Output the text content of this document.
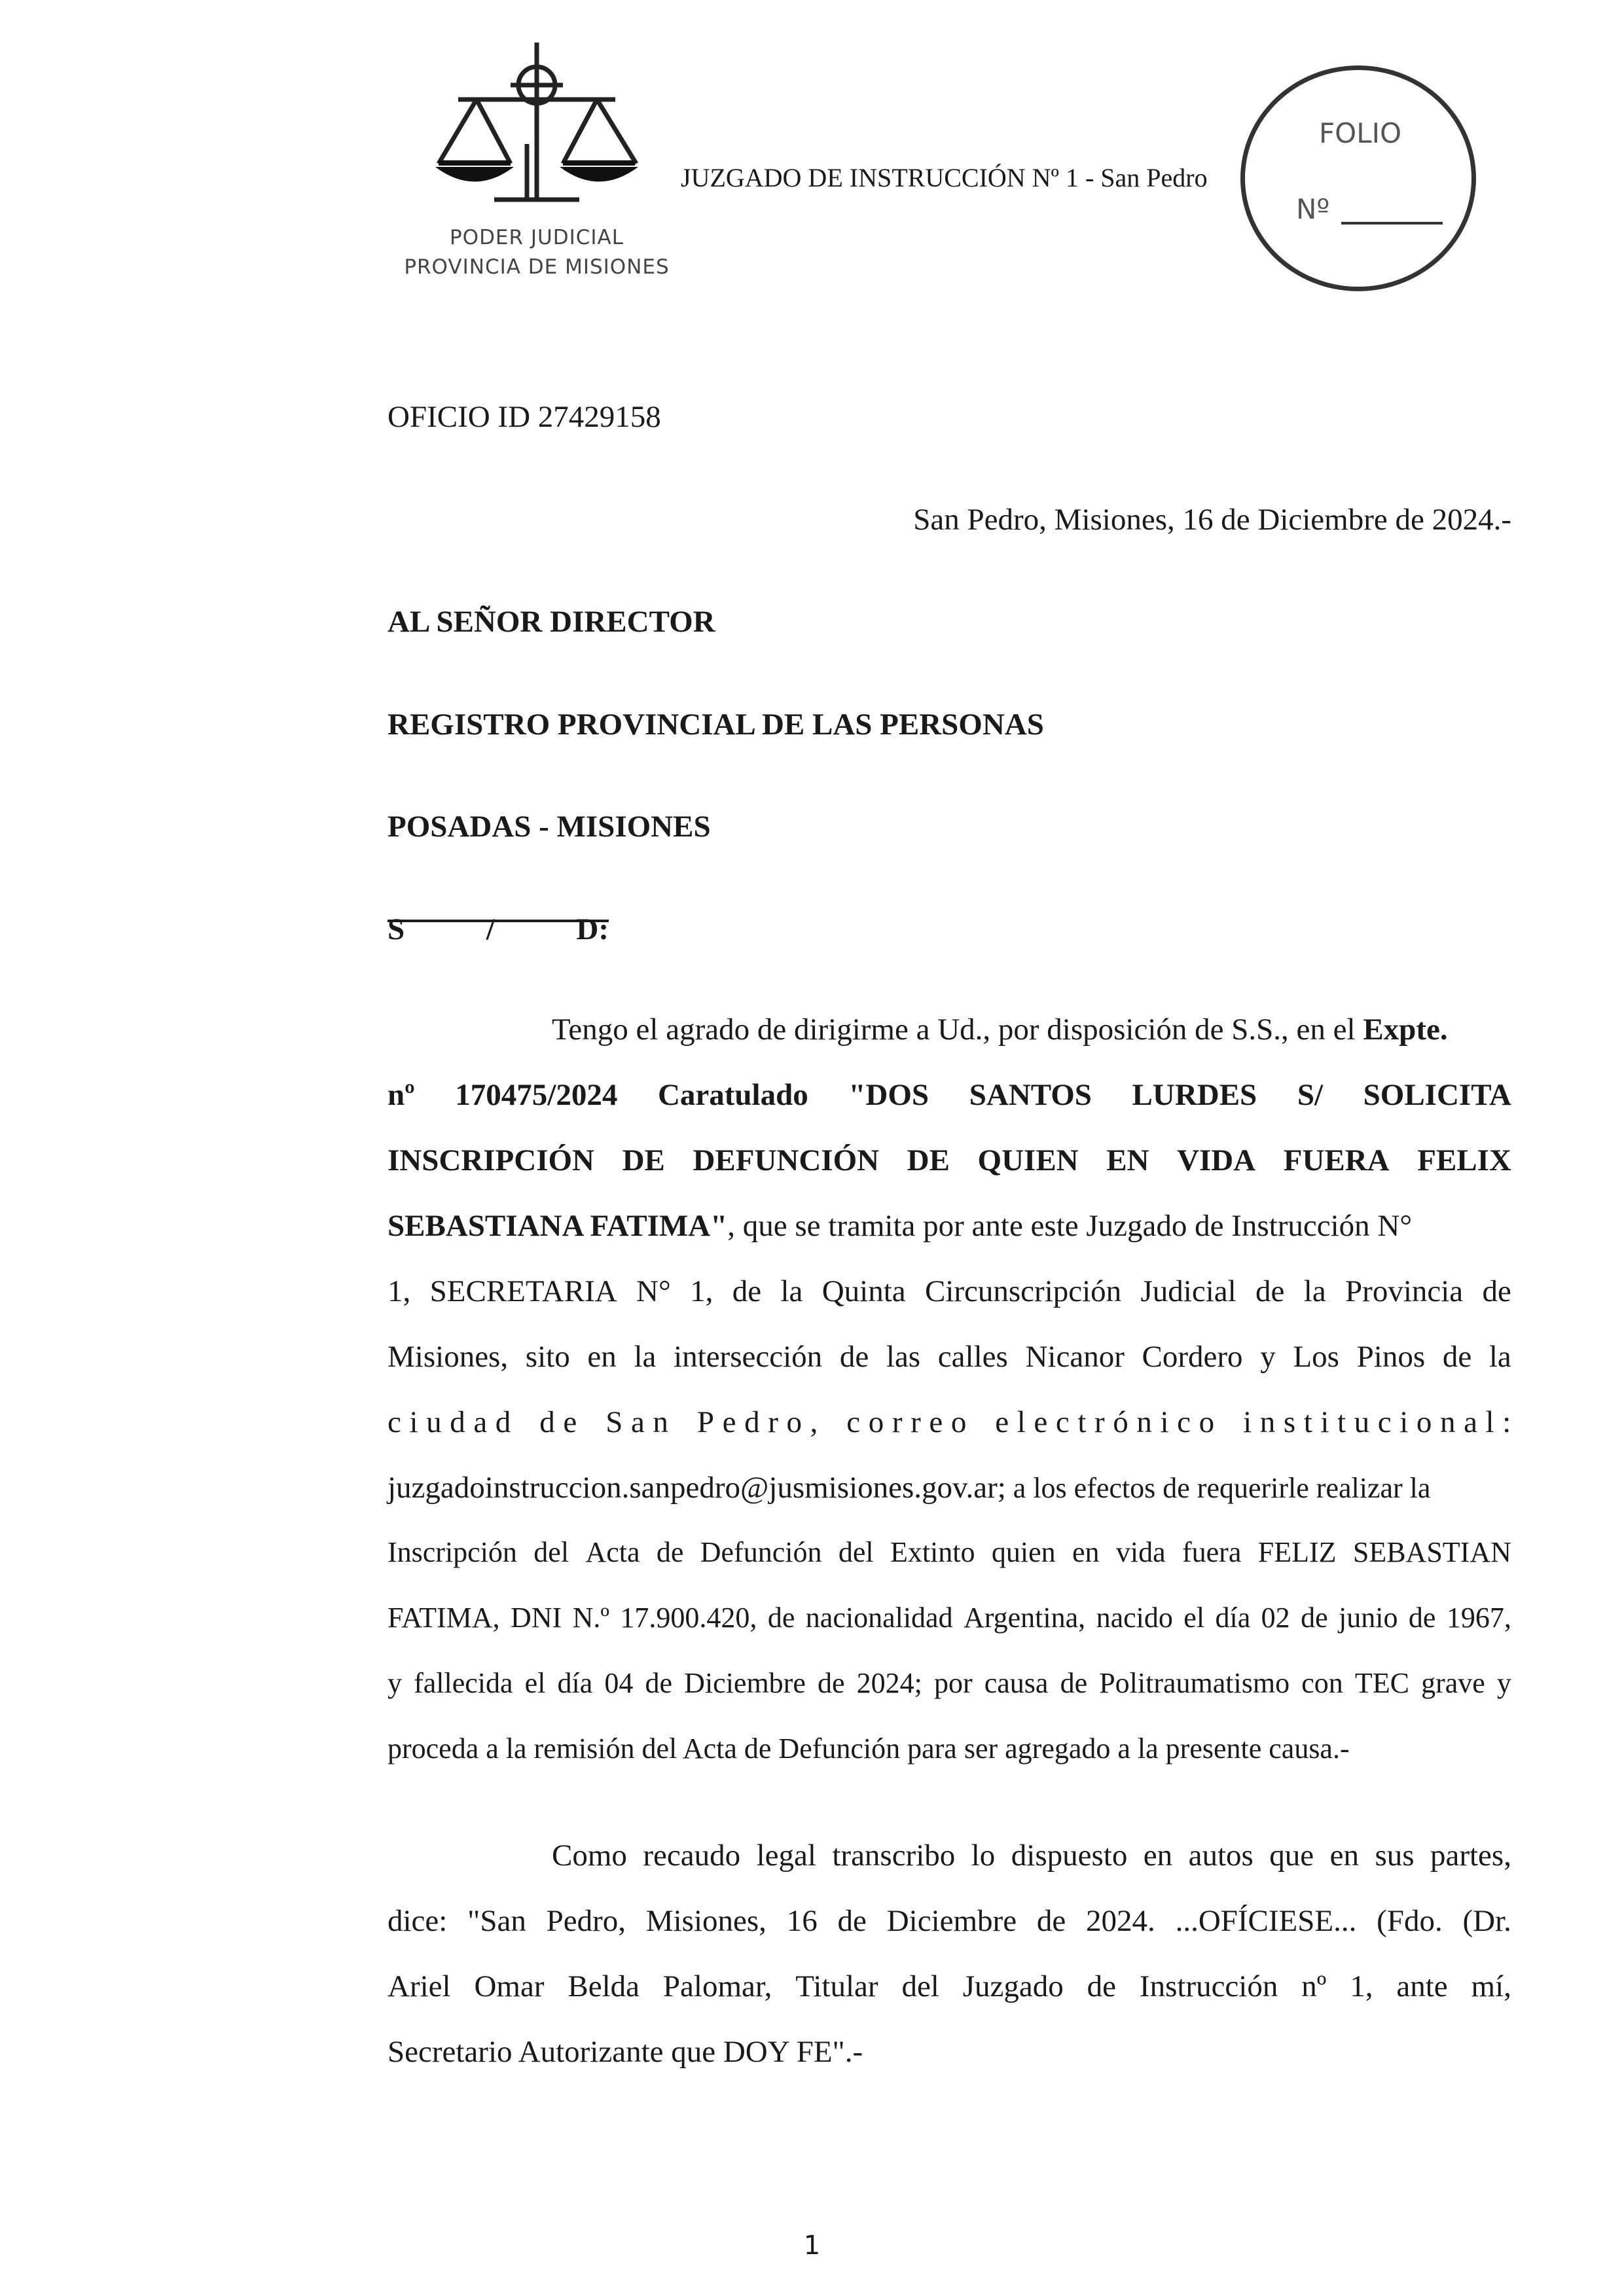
PODER JUDICIAL
PROVINCIA DE MISIONES
JUZGADO DE INSTRUCCIÓN Nº 1 - San Pedro
FOLIO
Nº
OFICIO ID 27429158
San Pedro, Misiones, 16 de Diciembre de 2024.-
AL SEÑOR DIRECTOR
REGISTRO PROVINCIAL DE LAS PERSONAS
POSADAS - MISIONES
S	/	D:
Tengo el agrado de dirigirme a Ud., por disposición de S.S., en el Expte.
nº 170475/2024 Caratulado "DOS SANTOS LURDES S/ SOLICITA
INSCRIPCIÓN DE DEFUNCIÓN DE QUIEN EN VIDA FUERA FELIX
SEBASTIANA FATIMA", que se tramita por ante este Juzgado de Instrucción N°
1, SECRETARIA N° 1, de la Quinta Circunscripción Judicial de la Provincia de
Misiones, sito en la intersección de las calles Nicanor Cordero y Los Pinos de la
c i u d a d d e S a n P e d r o , c o r r e o e l e c t r ó n i c o i n s t i t u c i o n a l :
juzgadoinstruccion.sanpedro@jusmisiones.gov.ar; a los efectos de requerirle realizar la
Inscripción del Acta de Defunción del Extinto quien en vida fuera FELIZ SEBASTIAN
FATIMA, DNI N.º 17.900.420, de nacionalidad Argentina, nacido el día 02 de junio de 1967,
y fallecida el día 04 de Diciembre de 2024; por causa de Politraumatismo con TEC grave y
proceda a la remisión del Acta de Defunción para ser agregado a la presente causa.-
Como recaudo legal transcribo lo dispuesto en autos que en sus partes,
dice: "San Pedro, Misiones, 16 de Diciembre de 2024. ...OFÍCIESE... (Fdo. (Dr.
Ariel Omar Belda Palomar, Titular del Juzgado de Instrucción nº 1, ante mí,
Secretario Autorizante que DOY FE".-
1
